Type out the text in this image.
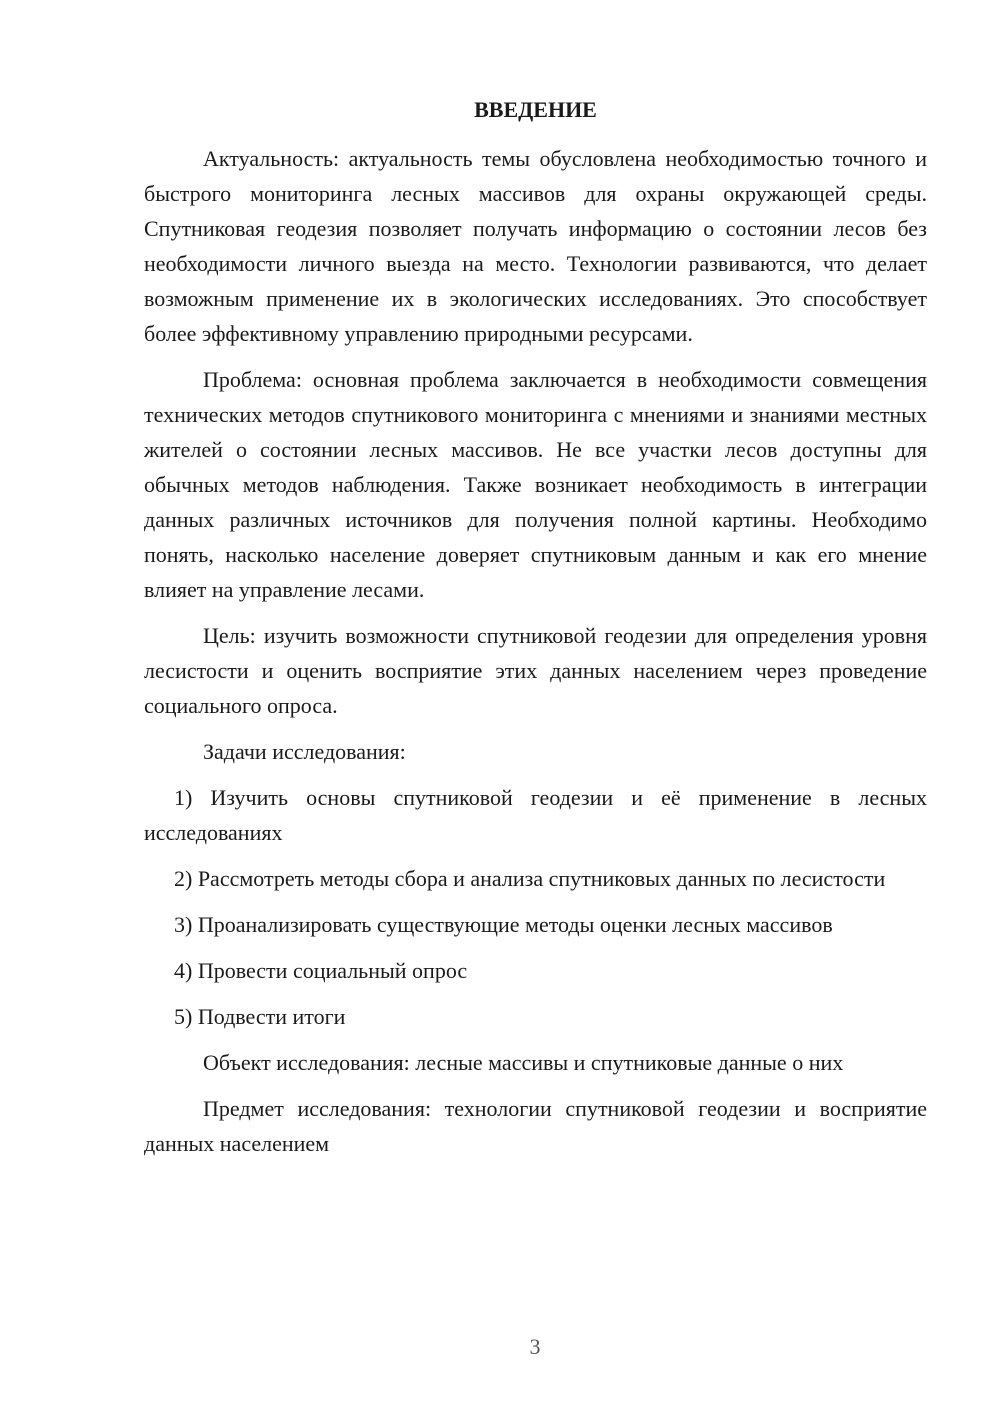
ВВЕДЕНИЕ

Актуальность: актуальность темы обусловлена необходимостью точного и быстрого мониторинга лесных массивов для охраны окружающей среды. Спутниковая геодезия позволяет получать информацию о состоянии лесов без необходимости личного выезда на место. Технологии развиваются, что делает возможным применение их в экологических исследованиях. Это способствует более эффективному управлению природными ресурсами.

Проблема: основная проблема заключается в необходимости совмещения технических методов спутникового мониторинга с мнениями и знаниями местных жителей о состоянии лесных массивов. Не все участки лесов доступны для обычных методов наблюдения. Также возникает необходимость в интеграции данных различных источников для получения полной картины. Необходимо понять, насколько население доверяет спутниковым данным и как его мнение влияет на управление лесами.

Цель: изучить возможности спутниковой геодезии для определения уровня лесистости и оценить восприятие этих данных населением через проведение социального опроса.

Задачи исследования:

1) Изучить основы спутниковой геодезии и её применение в лесных исследованиях

2) Рассмотреть методы сбора и анализа спутниковых данных по лесистости

3) Проанализировать существующие методы оценки лесных массивов

4) Провести социальный опрос

5) Подвести итоги

Объект исследования: лесные массивы и спутниковые данные о них

Предмет исследования: технологии спутниковой геодезии и восприятие данных населением

3
